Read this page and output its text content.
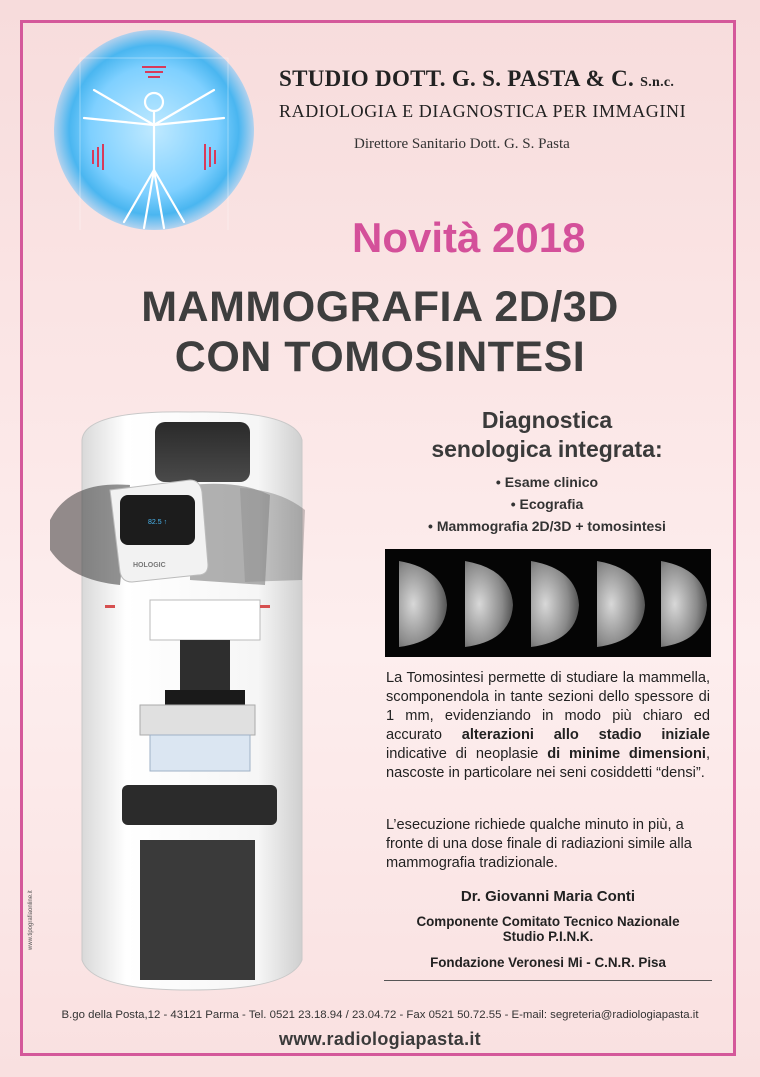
STUDIO DOTT. G. S. PASTA & C. S.n.c.
RADIOLOGIA E DIAGNOSTICA PER IMMAGINI
Direttore Sanitario Dott. G. S. Pasta
Novità 2018
MAMMOGRAFIA 2D/3D
CON TOMOSINTESI
82.5 ↑
HOLOGIC
www.tipografiaonline.it
Diagnostica
senologica integrata:
• Esame clinico
• Ecografia
• Mammografia 2D/3D + tomosintesi
La Tomosintesi permette di studiare la mammella, scomponendola in tante sezioni dello spessore di 1 mm, evidenziando in modo più chiaro ed accurato alterazioni allo stadio iniziale indicative di neoplasie di minime dimensioni, nascoste in particolare nei seni cosiddetti “densi”.
L’esecuzione richiede qualche minuto in più, a fronte di una dose finale di radiazioni simile alla mammografia tradizionale.
Dr. Giovanni Maria Conti
Componente Comitato Tecnico Nazionale
Studio P.I.N.K.
Fondazione Veronesi Mi - C.N.R. Pisa
B.go della Posta,12 - 43121 Parma - Tel. 0521 23.18.94 / 23.04.72 - Fax 0521 50.72.55 - E-mail: segreteria@radiologiapasta.it
www.radiologiapasta.it
